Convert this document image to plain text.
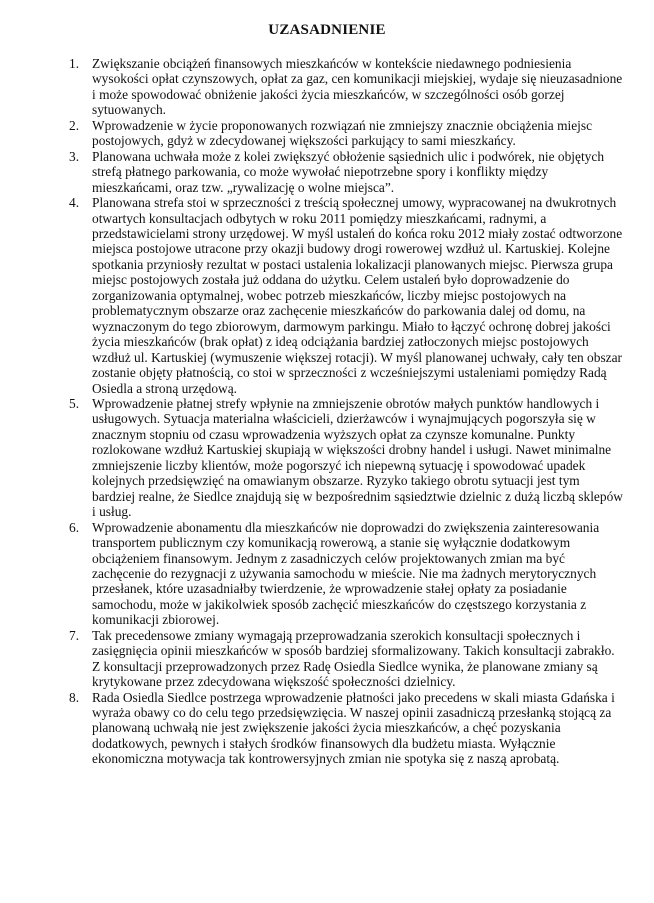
UZASADNIENIE
1. Zwiększanie obciążeń finansowych mieszkańców w kontekście niedawnego podniesienia wysokości opłat czynszowych, opłat za gaz, cen komunikacji miejskiej, wydaje się nieuzasadnione i może spowodować obniżenie jakości życia mieszkańców, w szczególności osób gorzej sytuowanych.
2. Wprowadzenie w życie proponowanych rozwiązań nie zmniejszy znacznie obciążenia miejsc postojowych, gdyż w zdecydowanej większości parkujący to sami mieszkańcy.
3. Planowana uchwała może z kolei zwiększyć obłożenie sąsiednich ulic i podwórek, nie objętych strefą płatnego parkowania, co może wywołać niepotrzebne spory i konflikty między mieszkańcami, oraz tzw. „rywalizację o wolne miejsca”.
4. Planowana strefa stoi w sprzeczności z treścią społecznej umowy, wypracowanej na dwukrotnych otwartych konsultacjach odbytych w roku 2011 pomiędzy mieszkańcami, radnymi, a przedstawicielami strony urzędowej. W myśl ustaleń do końca roku 2012 miały zostać odtworzone miejsca postojowe utracone przy okazji budowy drogi rowerowej wzdłuż ul. Kartuskiej. Kolejne spotkania przyniosły rezultat w postaci ustalenia lokalizacji planowanych miejsc. Pierwsza grupa miejsc postojowych została już oddana do użytku. Celem ustaleń było doprowadzenie do zorganizowania optymalnej, wobec potrzeb mieszkańców, liczby miejsc postojowych na problematycznym obszarze oraz zachęcenie mieszkańców do parkowania dalej od domu, na wyznaczonym do tego zbiorowym, darmowym parkingu. Miało to łączyć ochronę dobrej jakości życia mieszkańców (brak opłat) z ideą odciążania bardziej zatłoczonych miejsc postojowych wzdłuż ul. Kartuskiej (wymuszenie większej rotacji). W myśl planowanej uchwały, cały ten obszar zostanie objęty płatnością, co stoi w sprzeczności z wcześniejszymi ustaleniami pomiędzy Radą Osiedla a stroną urzędową.
5. Wprowadzenie płatnej strefy wpłynie na zmniejszenie obrotów małych punktów handlowych i usługowych. Sytuacja materialna właścicieli, dzierżawców i wynajmujących pogorszyła się w znacznym stopniu od czasu wprowadzenia wyższych opłat za czynsze komunalne. Punkty rozlokowane wzdłuż Kartuskiej skupiają w większości drobny handel i usługi. Nawet minimalne zmniejszenie liczby klientów, może pogorszyć ich niepewną sytuację i spowodować upadek kolejnych przedsięwzięć na omawianym obszarze. Ryzyko takiego obrotu sytuacji jest tym bardziej realne, że Siedlce znajdują się w bezpośrednim sąsiedztwie dzielnic z dużą liczbą sklepów i usług.
6. Wprowadzenie abonamentu dla mieszkańców nie doprowadzi do zwiększenia zainteresowania transportem publicznym czy komunikacją rowerową, a stanie się wyłącznie dodatkowym obciążeniem finansowym. Jednym z zasadniczych celów projektowanych zmian ma być zachęcenie do rezygnacji z używania samochodu w mieście. Nie ma żadnych merytorycznych przesłanek, które uzasadniałby twierdzenie, że wprowadzenie stałej opłaty za posiadanie samochodu, może w jakikolwiek sposób zachęcić mieszkańców do częstszego korzystania z komunikacji zbiorowej.
7. Tak precedensowe zmiany wymagają przeprowadzania szerokich konsultacji społecznych i zasięgnięcia opinii mieszkańców w sposób bardziej sformalizowany. Takich konsultacji zabrakło. Z konsultacji przeprowadzonych przez Radę Osiedla Siedlce wynika, że planowane zmiany są krytykowane przez zdecydowana większość społeczności dzielnicy.
8. Rada Osiedla Siedlce postrzega wprowadzenie płatności jako precedens w skali miasta Gdańska i wyraża obawy co do celu tego przedsięwzięcia. W naszej opinii zasadniczą przesłanką stojącą za planowaną uchwałą nie jest zwiększenie jakości życia mieszkańców, a chęć pozyskania dodatkowych, pewnych i stałych środków finansowych dla budżetu miasta. Wyłącznie ekonomiczna motywacja tak kontrowersyjnych zmian nie spotyka się z naszą aprobatą.
